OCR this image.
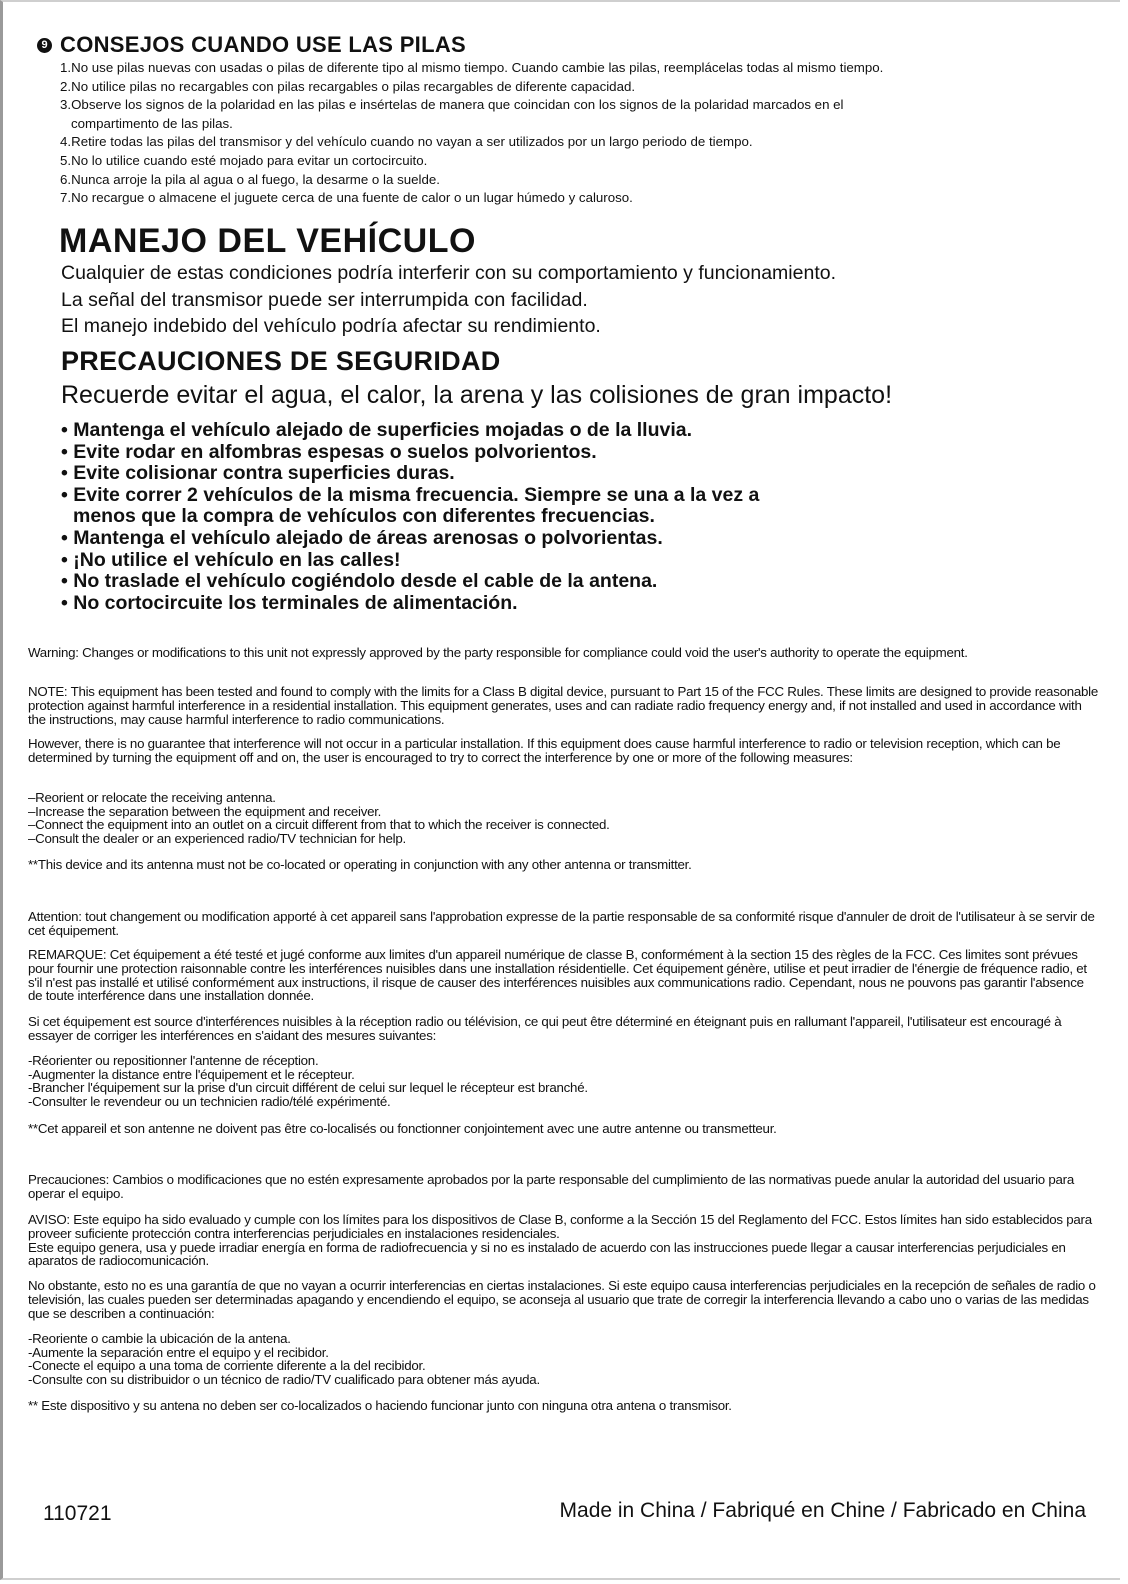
9 CONSEJOS CUANDO USE LAS PILAS
1.No use pilas nuevas con usadas o pilas de diferente tipo al mismo tiempo. Cuando cambie las pilas, reemplácelas todas al mismo tiempo.
2.No utilice pilas no recargables con pilas recargables o pilas recargables de diferente capacidad.
3.Observe los signos de la polaridad en las pilas e insértelas de manera que coincidan con los signos de la polaridad marcados en el
compartimento de las pilas.
4.Retire todas las pilas del transmisor y del vehículo cuando no vayan a ser utilizados por un largo periodo de tiempo.
5.No lo utilice cuando esté mojado para evitar un cortocircuito.
6.Nunca arroje la pila al agua o al fuego, la desarme o la suelde.
7.No recargue o almacene el juguete cerca de una fuente de calor o un lugar húmedo y caluroso.
MANEJO DEL VEHÍCULO
Cualquier de estas condiciones podría interferir con su comportamiento y funcionamiento.
La señal del transmisor puede ser interrumpida con facilidad.
El manejo indebido del vehículo podría afectar su rendimiento.
PRECAUCIONES DE SEGURIDAD
Recuerde evitar el agua, el calor, la arena y las colisiones de gran impacto!
• Mantenga el vehículo alejado de superficies mojadas o de la lluvia.
• Evite rodar en alfombras espesas o suelos polvorientos.
• Evite colisionar contra superficies duras.
• Evite correr 2 vehículos de la misma frecuencia. Siempre se una a la vez a
menos que la compra de vehículos con diferentes frecuencias.
• Mantenga el vehículo alejado de áreas arenosas o polvorientas.
• ¡No utilice el vehículo en las calles!
• No traslade el vehículo cogiéndolo desde el cable de la antena.
• No cortocircuite los terminales de alimentación.

Warning: Changes or modifications to this unit not expressly approved by the party responsible for compliance could void the user's authority to operate the equipment.

NOTE: This equipment has been tested and found to comply with the limits for a Class B digital device, pursuant to Part 15 of the FCC Rules. These limits are designed to provide reasonable protection against harmful interference in a residential installation. This equipment generates, uses and can radiate radio frequency energy and, if not installed and used in accordance with the instructions, may cause harmful interference to radio communications.

However, there is no guarantee that interference will not occur in a particular installation. If this equipment does cause harmful interference to radio or television reception, which can be determined by turning the equipment off and on, the user is encouraged to try to correct the interference by one or more of the following measures:

–Reorient or relocate the receiving antenna.
–Increase the separation between the equipment and receiver.
–Connect the equipment into an outlet on a circuit different from that to which the receiver is connected.
–Consult the dealer or an experienced radio/TV technician for help.

**This device and its antenna must not be co-located or operating in conjunction with any other antenna or transmitter.

Attention: tout changement ou modification apporté à cet appareil sans l'approbation expresse de la partie responsable de sa conformité risque d'annuler de droit de l'utilisateur à se servir de cet équipement.

REMARQUE: Cet équipement a été testé et jugé conforme aux limites d'un appareil numérique de classe B, conformément à la section 15 des règles de la FCC. Ces limites sont prévues pour fournir une protection raisonnable contre les interférences nuisibles dans une installation résidentielle. Cet équipement génère, utilise et peut irradier de l'énergie de fréquence radio, et s'il n'est pas installé et utilisé conformément aux instructions, il risque de causer des interférences nuisibles aux communications radio. Cependant, nous ne pouvons pas garantir l'absence de toute interférence dans une installation donnée.

Si cet équipement est source d'interférences nuisibles à la réception radio ou télévision, ce qui peut être déterminé en éteignant puis en rallumant l'appareil, l'utilisateur est encouragé à essayer de corriger les interférences en s'aidant des mesures suivantes:

-Réorienter ou repositionner l'antenne de réception.
-Augmenter la distance entre l'équipement et le récepteur.
-Brancher l'équipement sur la prise d'un circuit différent de celui sur lequel le récepteur est branché.
-Consulter le revendeur ou un technicien radio/télé expérimenté.

**Cet appareil et son antenne ne doivent pas être co-localisés ou fonctionner conjointement avec une autre antenne ou transmetteur.

Precauciones: Cambios o modificaciones que no estén expresamente aprobados por la parte responsable del cumplimiento de las normativas puede anular la autoridad del usuario para operar el equipo.

AVISO: Este equipo ha sido evaluado y cumple con los límites para los dispositivos de Clase B, conforme a la Sección 15 del Reglamento del FCC. Estos límites han sido establecidos para proveer suficiente protección contra interferencias perjudiciales en instalaciones residenciales.
Este equipo genera, usa y puede irradiar energía en forma de radiofrecuencia y si no es instalado de acuerdo con las instrucciones puede llegar a causar interferencias perjudiciales en aparatos de radiocomunicación.

No obstante, esto no es una garantía de que no vayan a ocurrir interferencias en ciertas instalaciones. Si este equipo causa interferencias perjudiciales en la recepción de señales de radio o televisión, las cuales pueden ser determinadas apagando y encendiendo el equipo, se aconseja al usuario que trate de corregir la interferencia llevando a cabo uno o varias de las medidas que se describen a continuación:

-Reoriente o cambie la ubicación de la antena.
-Aumente la separación entre el equipo y el recibidor.
-Conecte el equipo a una toma de corriente diferente a la del recibidor.
-Consulte con su distribuidor o un técnico de radio/TV cualificado para obtener más ayuda.

** Este dispositivo y su antena no deben ser co-localizados o haciendo funcionar junto con ninguna otra antena o transmisor.

110721	Made in China / Fabriqué en Chine / Fabricado en China
